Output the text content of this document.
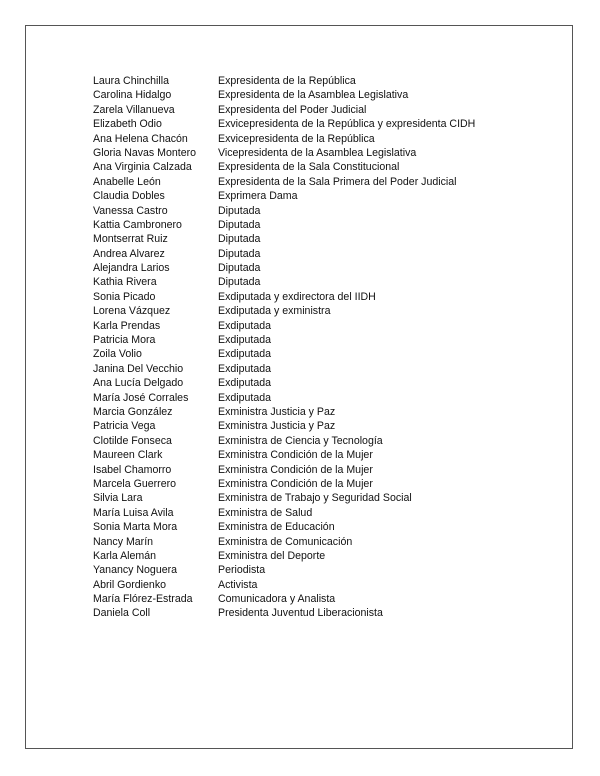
Laura Chinchilla	Expresidenta de la República
Carolina Hidalgo	Expresidenta de la Asamblea Legislativa
Zarela Villanueva	Expresidenta del Poder Judicial
Elizabeth Odio	Exvicepresidenta de la República y expresidenta CIDH
Ana Helena Chacón	Exvicepresidenta de la República
Gloria Navas Montero	Vicepresidenta de la Asamblea Legislativa
Ana Virginia Calzada	Expresidenta de la Sala Constitucional
Anabelle León	Expresidenta de la Sala Primera del Poder Judicial
Claudia Dobles	Exprimera Dama
Vanessa Castro	Diputada
Kattia Cambronero	Diputada
Montserrat Ruiz	Diputada
Andrea Alvarez	Diputada
Alejandra Larios	Diputada
Kathia Rivera	Diputada
Sonia Picado	Exdiputada y exdirectora del IIDH
Lorena Vázquez	Exdiputada y exministra
Karla Prendas	Exdiputada
Patricia Mora	Exdiputada
Zoila Volio	Exdiputada
Janina Del Vecchio	Exdiputada
Ana Lucía Delgado	Exdiputada
María José Corrales	Exdiputada
Marcia González	Exministra Justicia y Paz
Patricia Vega	Exministra Justicia y Paz
Clotilde Fonseca	Exministra de Ciencia y Tecnología
Maureen Clark	Exministra Condición de la Mujer
Isabel Chamorro	Exministra Condición de la Mujer
Marcela Guerrero	Exministra Condición de la Mujer
Silvia Lara	Exministra de Trabajo y Seguridad Social
María Luisa Avila	Exministra de Salud
Sonia Marta Mora	Exministra de Educación
Nancy Marín	Exministra de Comunicación
Karla Alemán	Exministra del Deporte
Yanancy Noguera	Periodista
Abril Gordienko	Activista
María Flórez-Estrada	Comunicadora y Analista
Daniela Coll	Presidenta Juventud Liberacionista
